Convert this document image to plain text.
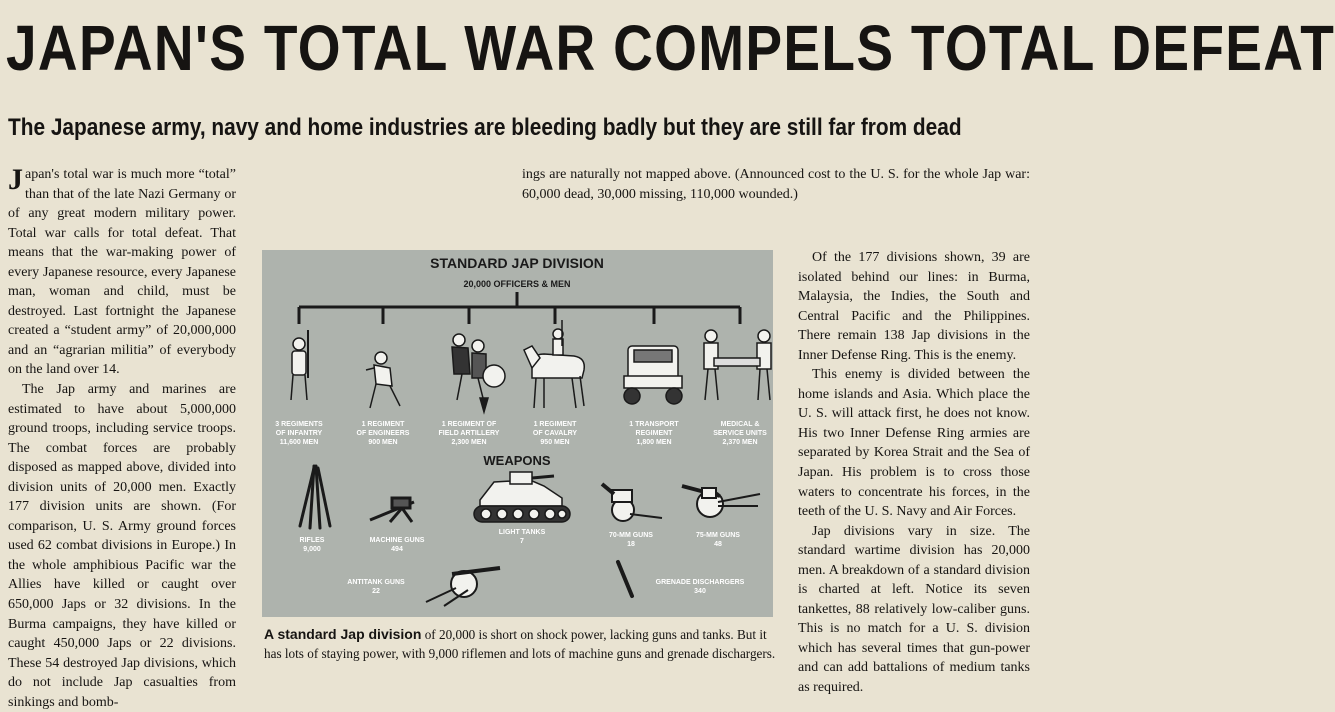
JAPAN'S TOTAL WAR COMPELS TOTAL DEFEAT
The Japanese army, navy and home industries are bleeding badly but they are still far from dead

Japan's total war is much more “total” than that of the late Nazi Germany or of any great modern military power. Total war calls for total defeat. That means that the war-making power of every Japanese resource, every Japanese man, woman and child, must be destroyed. Last fortnight the Japanese created a “student army” of 20,000,000 and an “agrarian militia” of everybody on the land over 14.

The Jap army and marines are estimated to have about 5,000,000 ground troops, including service troops. The combat forces are probably disposed as mapped above, divided into division units of 20,000 men. Exactly 177 division units are shown. (For comparison, U. S. Army ground forces used 62 combat divisions in Europe.) In the whole amphibious Pacific war the Allies have killed or caught over 650,000 Japs or 32 divisions. In the Burma campaigns, they have killed or caught 450,000 Japs or 22 divisions. These 54 destroyed Jap divisions, which do not include Jap casualties from sinkings and bomb-

ings are naturally not mapped above. (Announced cost to the U. S. for the whole Jap war: 60,000 dead, 30,000 missing, 110,000 wounded.)

Of the 177 divisions shown, 39 are isolated behind our lines: in Burma, Malaysia, the Indies, the South and Central Pacific and the Philippines. There remain 138 Jap divisions in the Inner Defense Ring. This is the enemy.

This enemy is divided between the home islands and Asia. Which place the U. S. will attack first, he does not know. His two Inner Defense Ring armies are separated by Korea Strait and the Sea of Japan. His problem is to cross those waters to concentrate his forces, in the teeth of the U. S. Navy and Air Forces.

Jap divisions vary in size. The standard wartime division has 20,000 men. A breakdown of a standard division is charted at left. Notice its seven tankettes, 88 relatively low-caliber guns. This is no match for a U. S. division which has several times that gun-power and can add battalions of medium tanks as required.

STANDARD JAP DIVISION
20,000 OFFICERS & MEN
3 REGIMENTS
OF INFANTRY
11,600 MEN
1 REGIMENT
OF ENGINEERS
900 MEN
1 REGIMENT OF
FIELD ARTILLERY
2,300 MEN
1 REGIMENT
OF CAVALRY
950 MEN
1 TRANSPORT
REGIMENT
1,800 MEN
MEDICAL &
SERVICE UNITS
2,370 MEN
WEAPONS
RIFLES
9,000
MACHINE GUNS
494
LIGHT TANKS
7
70-MM GUNS
18
75-MM GUNS
48
ANTITANK GUNS
22
GRENADE DISCHARGERS
340
A standard Jap division of 20,000 is short on shock power, lacking guns and tanks. But it has lots of staying power, with 9,000 riflemen and lots of machine guns and grenade dischargers.
